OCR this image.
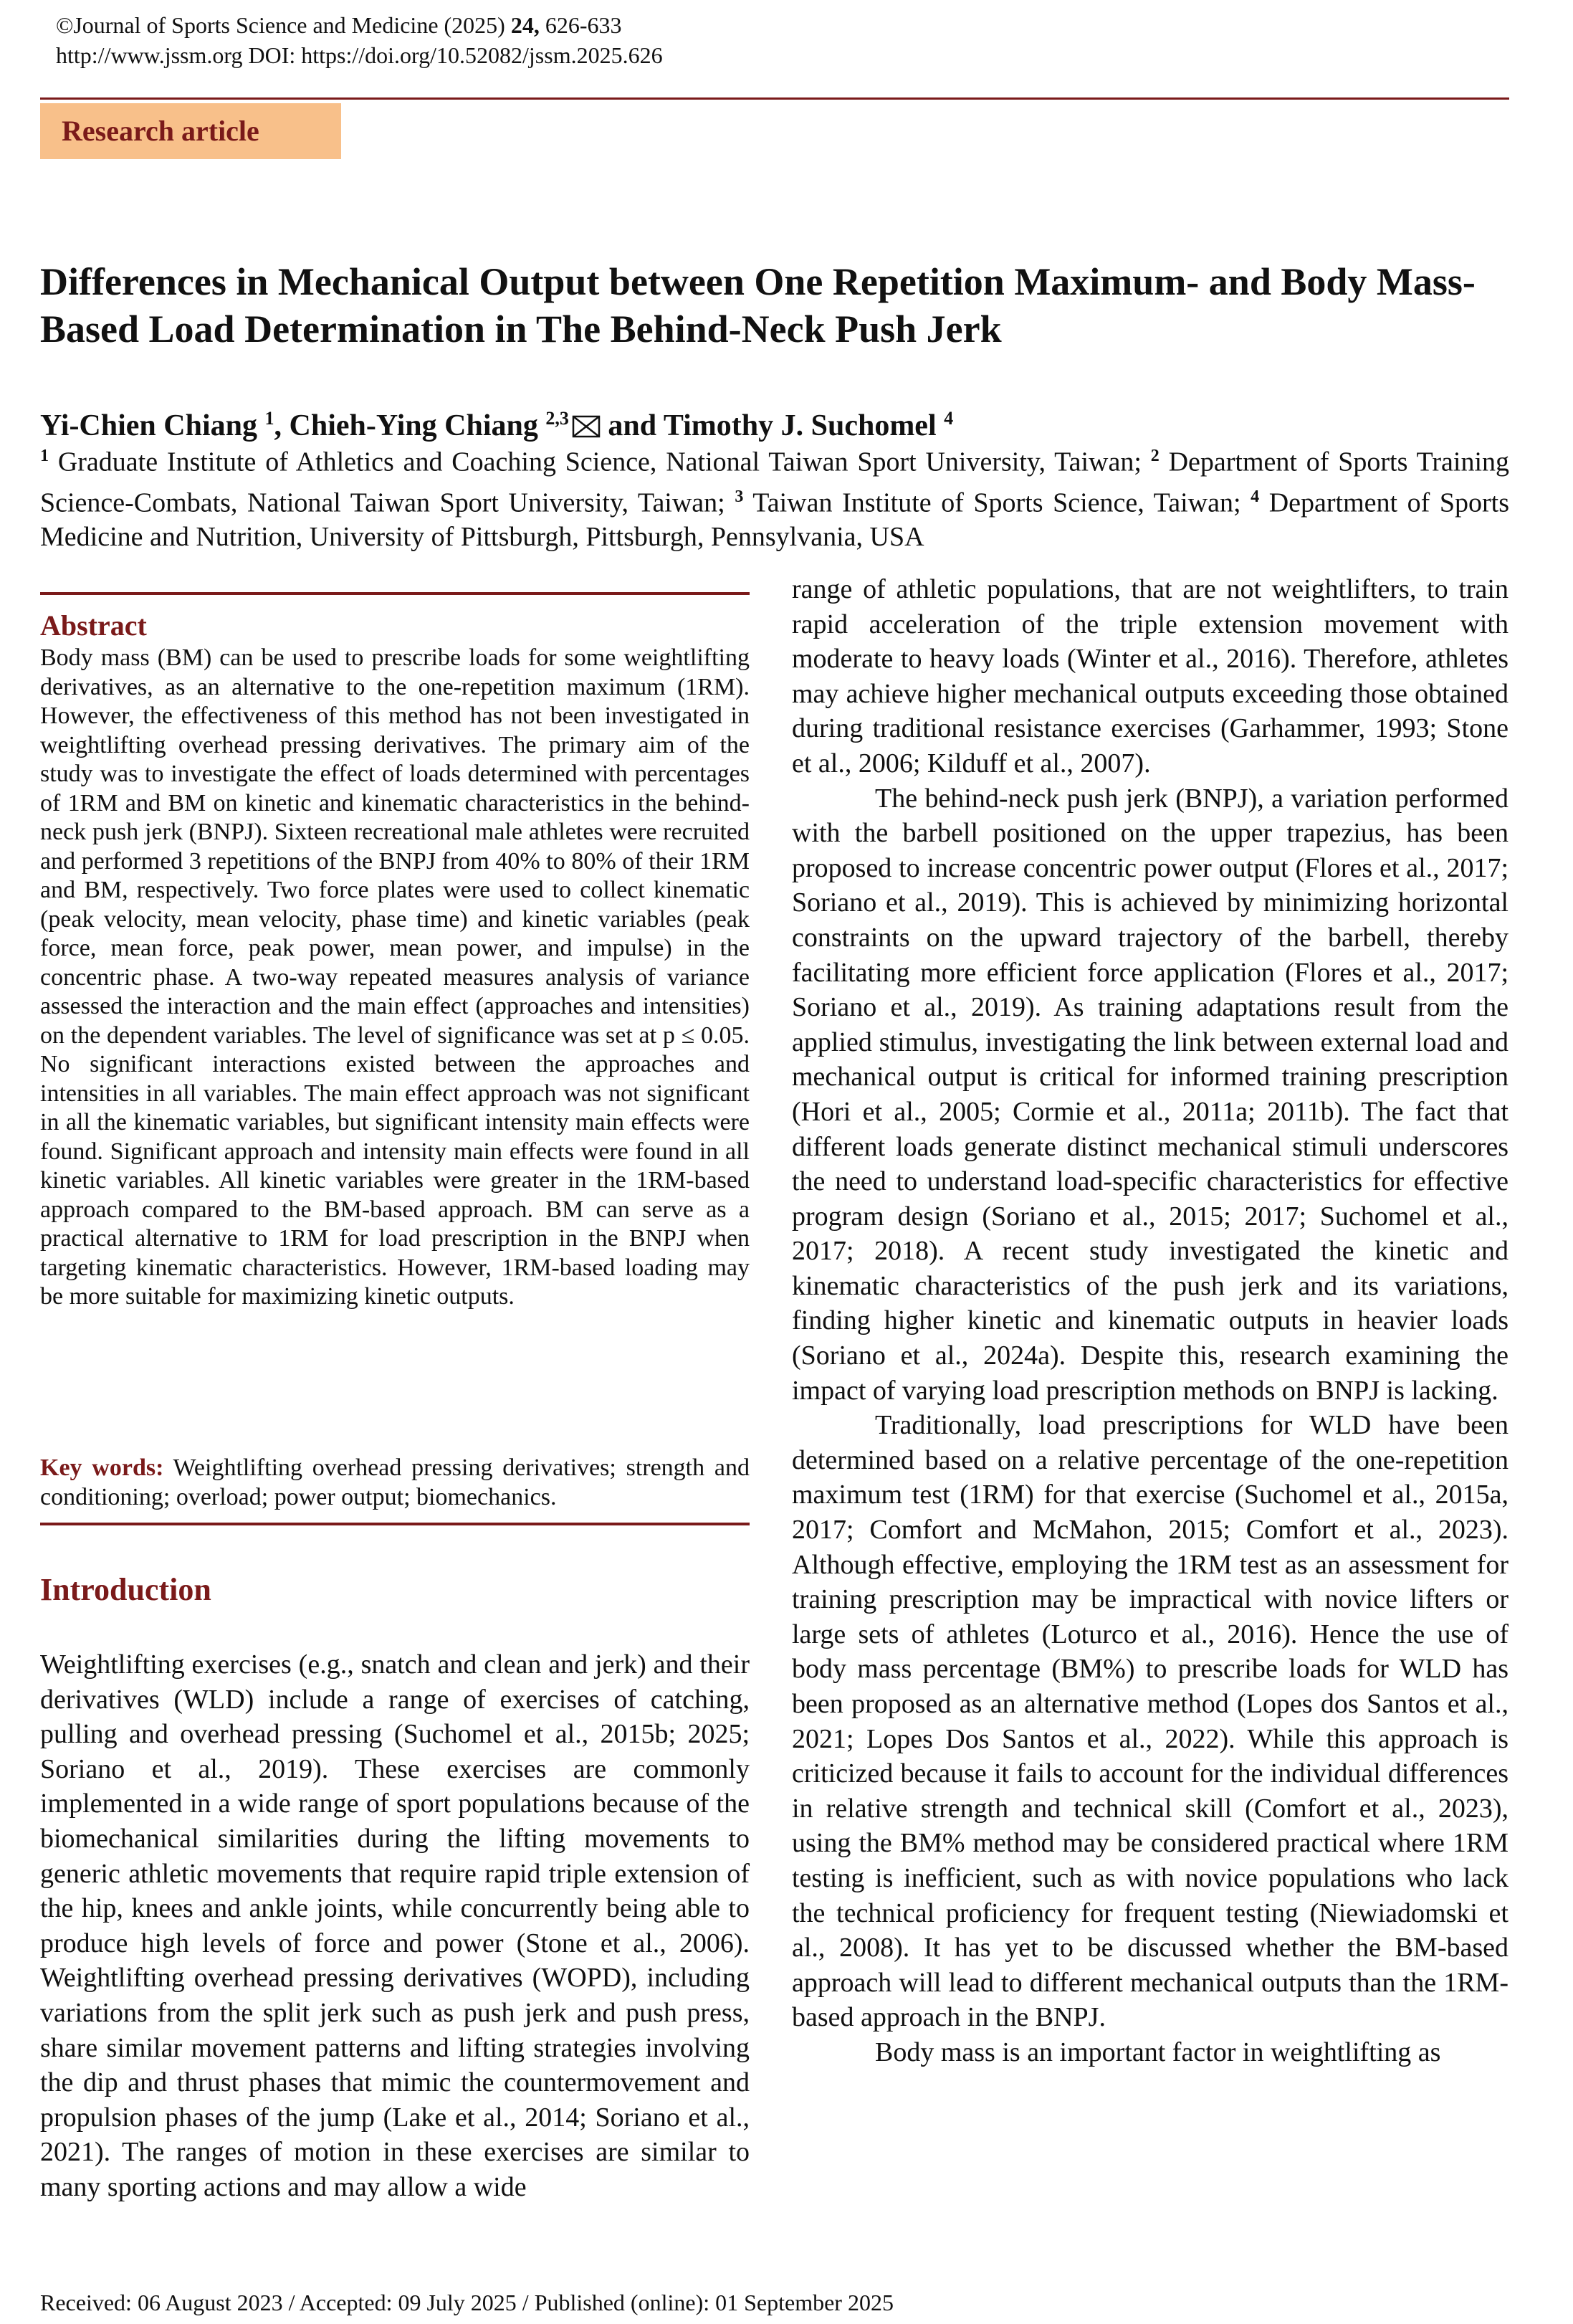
©Journal of Sports Science and Medicine (2025) 24, 626-633
http://www.jssm.org DOI: https://doi.org/10.52082/jssm.2025.626
Research article
Differences in Mechanical Output between One Repetition Maximum- and Body Mass-Based Load Determination in The Behind-Neck Push Jerk
Yi-Chien Chiang $^1$, Chieh-Ying Chiang $^{2,3}$ and Timothy J. Suchomel $^4$
$^1$ Graduate Institute of Athletics and Coaching Science, National Taiwan Sport University, Taiwan; $^2$ Department of Sports Training Science-Combats, National Taiwan Sport University, Taiwan; $^3$ Taiwan Institute of Sports Science, Taiwan; $^4$ Department of Sports Medicine and Nutrition, University of Pittsburgh, Pittsburgh, Pennsylvania, USA
Abstract
Body mass (BM) can be used to prescribe loads for some weightlifting derivatives, as an alternative to the one-repetition maximum (1RM). However, the effectiveness of this method has not been investigated in weightlifting overhead pressing derivatives. The primary aim of the study was to investigate the effect of loads determined with percentages of 1RM and BM on kinetic and kinematic characteristics in the behind-neck push jerk (BNPJ). Sixteen recreational male athletes were recruited and performed 3 repetitions of the BNPJ from 40% to 80% of their 1RM and BM, respectively. Two force plates were used to collect kinematic (peak velocity, mean velocity, phase time) and kinetic variables (peak force, mean force, peak power, mean power, and impulse) in the concentric phase. A two-way repeated measures analysis of variance assessed the interaction and the main effect (approaches and intensities) on the dependent variables. The level of significance was set at p ≤ 0.05. No significant interactions existed between the approaches and intensities in all variables. The main effect approach was not significant in all the kinematic variables, but significant intensity main effects were found. Significant approach and intensity main effects were found in all kinetic variables. All kinetic variables were greater in the 1RM-based approach compared to the BM-based approach. BM can serve as a practical alternative to 1RM for load prescription in the BNPJ when targeting kinematic characteristics. However, 1RM-based loading may be more suitable for maximizing kinetic outputs.
Key words: Weightlifting overhead pressing derivatives; strength and conditioning; overload; power output; biomechanics.
Introduction

Weightlifting exercises (e.g., snatch and clean and jerk) and their derivatives (WLD) include a range of exercises of catching, pulling and overhead pressing (Suchomel et al., 2015b; 2025; Soriano et al., 2019). These exercises are commonly implemented in a wide range of sport populations because of the biomechanical similarities during the lifting movements to generic athletic movements that require rapid triple extension of the hip, knees and ankle joints, while concurrently being able to produce high levels of force and power (Stone et al., 2006). Weightlifting overhead pressing derivatives (WOPD), including variations from the split jerk such as push jerk and push press, share similar movement patterns and lifting strategies involving the dip and thrust phases that mimic the countermovement and propulsion phases of the jump (Lake et al., 2014; Soriano et al., 2021). The ranges of motion in these exercises are similar to many sporting actions and may allow a wide

range of athletic populations, that are not weightlifters, to train rapid acceleration of the triple extension movement with moderate to heavy loads (Winter et al., 2016). Therefore, athletes may achieve higher mechanical outputs exceeding those obtained during traditional resistance exercises (Garhammer, 1993; Stone et al., 2006; Kilduff et al., 2007).

The behind-neck push jerk (BNPJ), a variation performed with the barbell positioned on the upper trapezius, has been proposed to increase concentric power output (Flores et al., 2017; Soriano et al., 2019). This is achieved by minimizing horizontal constraints on the upward trajectory of the barbell, thereby facilitating more efficient force application (Flores et al., 2017; Soriano et al., 2019). As training adaptations result from the applied stimulus, investigating the link between external load and mechanical output is critical for informed training prescription (Hori et al., 2005; Cormie et al., 2011a; 2011b). The fact that different loads generate distinct mechanical stimuli underscores the need to understand load-specific characteristics for effective program design (Soriano et al., 2015; 2017; Suchomel et al., 2017; 2018). A recent study investigated the kinetic and kinematic characteristics of the push jerk and its variations, finding higher kinetic and kinematic outputs in heavier loads (Soriano et al., 2024a). Despite this, research examining the impact of varying load prescription methods on BNPJ is lacking.

Traditionally, load prescriptions for WLD have been determined based on a relative percentage of the one-repetition maximum test (1RM) for that exercise (Suchomel et al., 2015a, 2017; Comfort and McMahon, 2015; Comfort et al., 2023). Although effective, employing the 1RM test as an assessment for training prescription may be impractical with novice lifters or large sets of athletes (Loturco et al., 2016). Hence the use of body mass percentage (BM%) to prescribe loads for WLD has been proposed as an alternative method (Lopes dos Santos et al., 2021; Lopes Dos Santos et al., 2022). While this approach is criticized because it fails to account for the individual differences in relative strength and technical skill (Comfort et al., 2023), using the BM% method may be considered practical where 1RM testing is inefficient, such as with novice populations who lack the technical proficiency for frequent testing (Niewiadomski et al., 2008). It has yet to be discussed whether the BM-based approach will lead to different mechanical outputs than the 1RM-based approach in the BNPJ.

Body mass is an important factor in weightlifting as

Received: 06 August 2023 / Accepted: 09 July 2025 / Published (online): 01 September 2025
